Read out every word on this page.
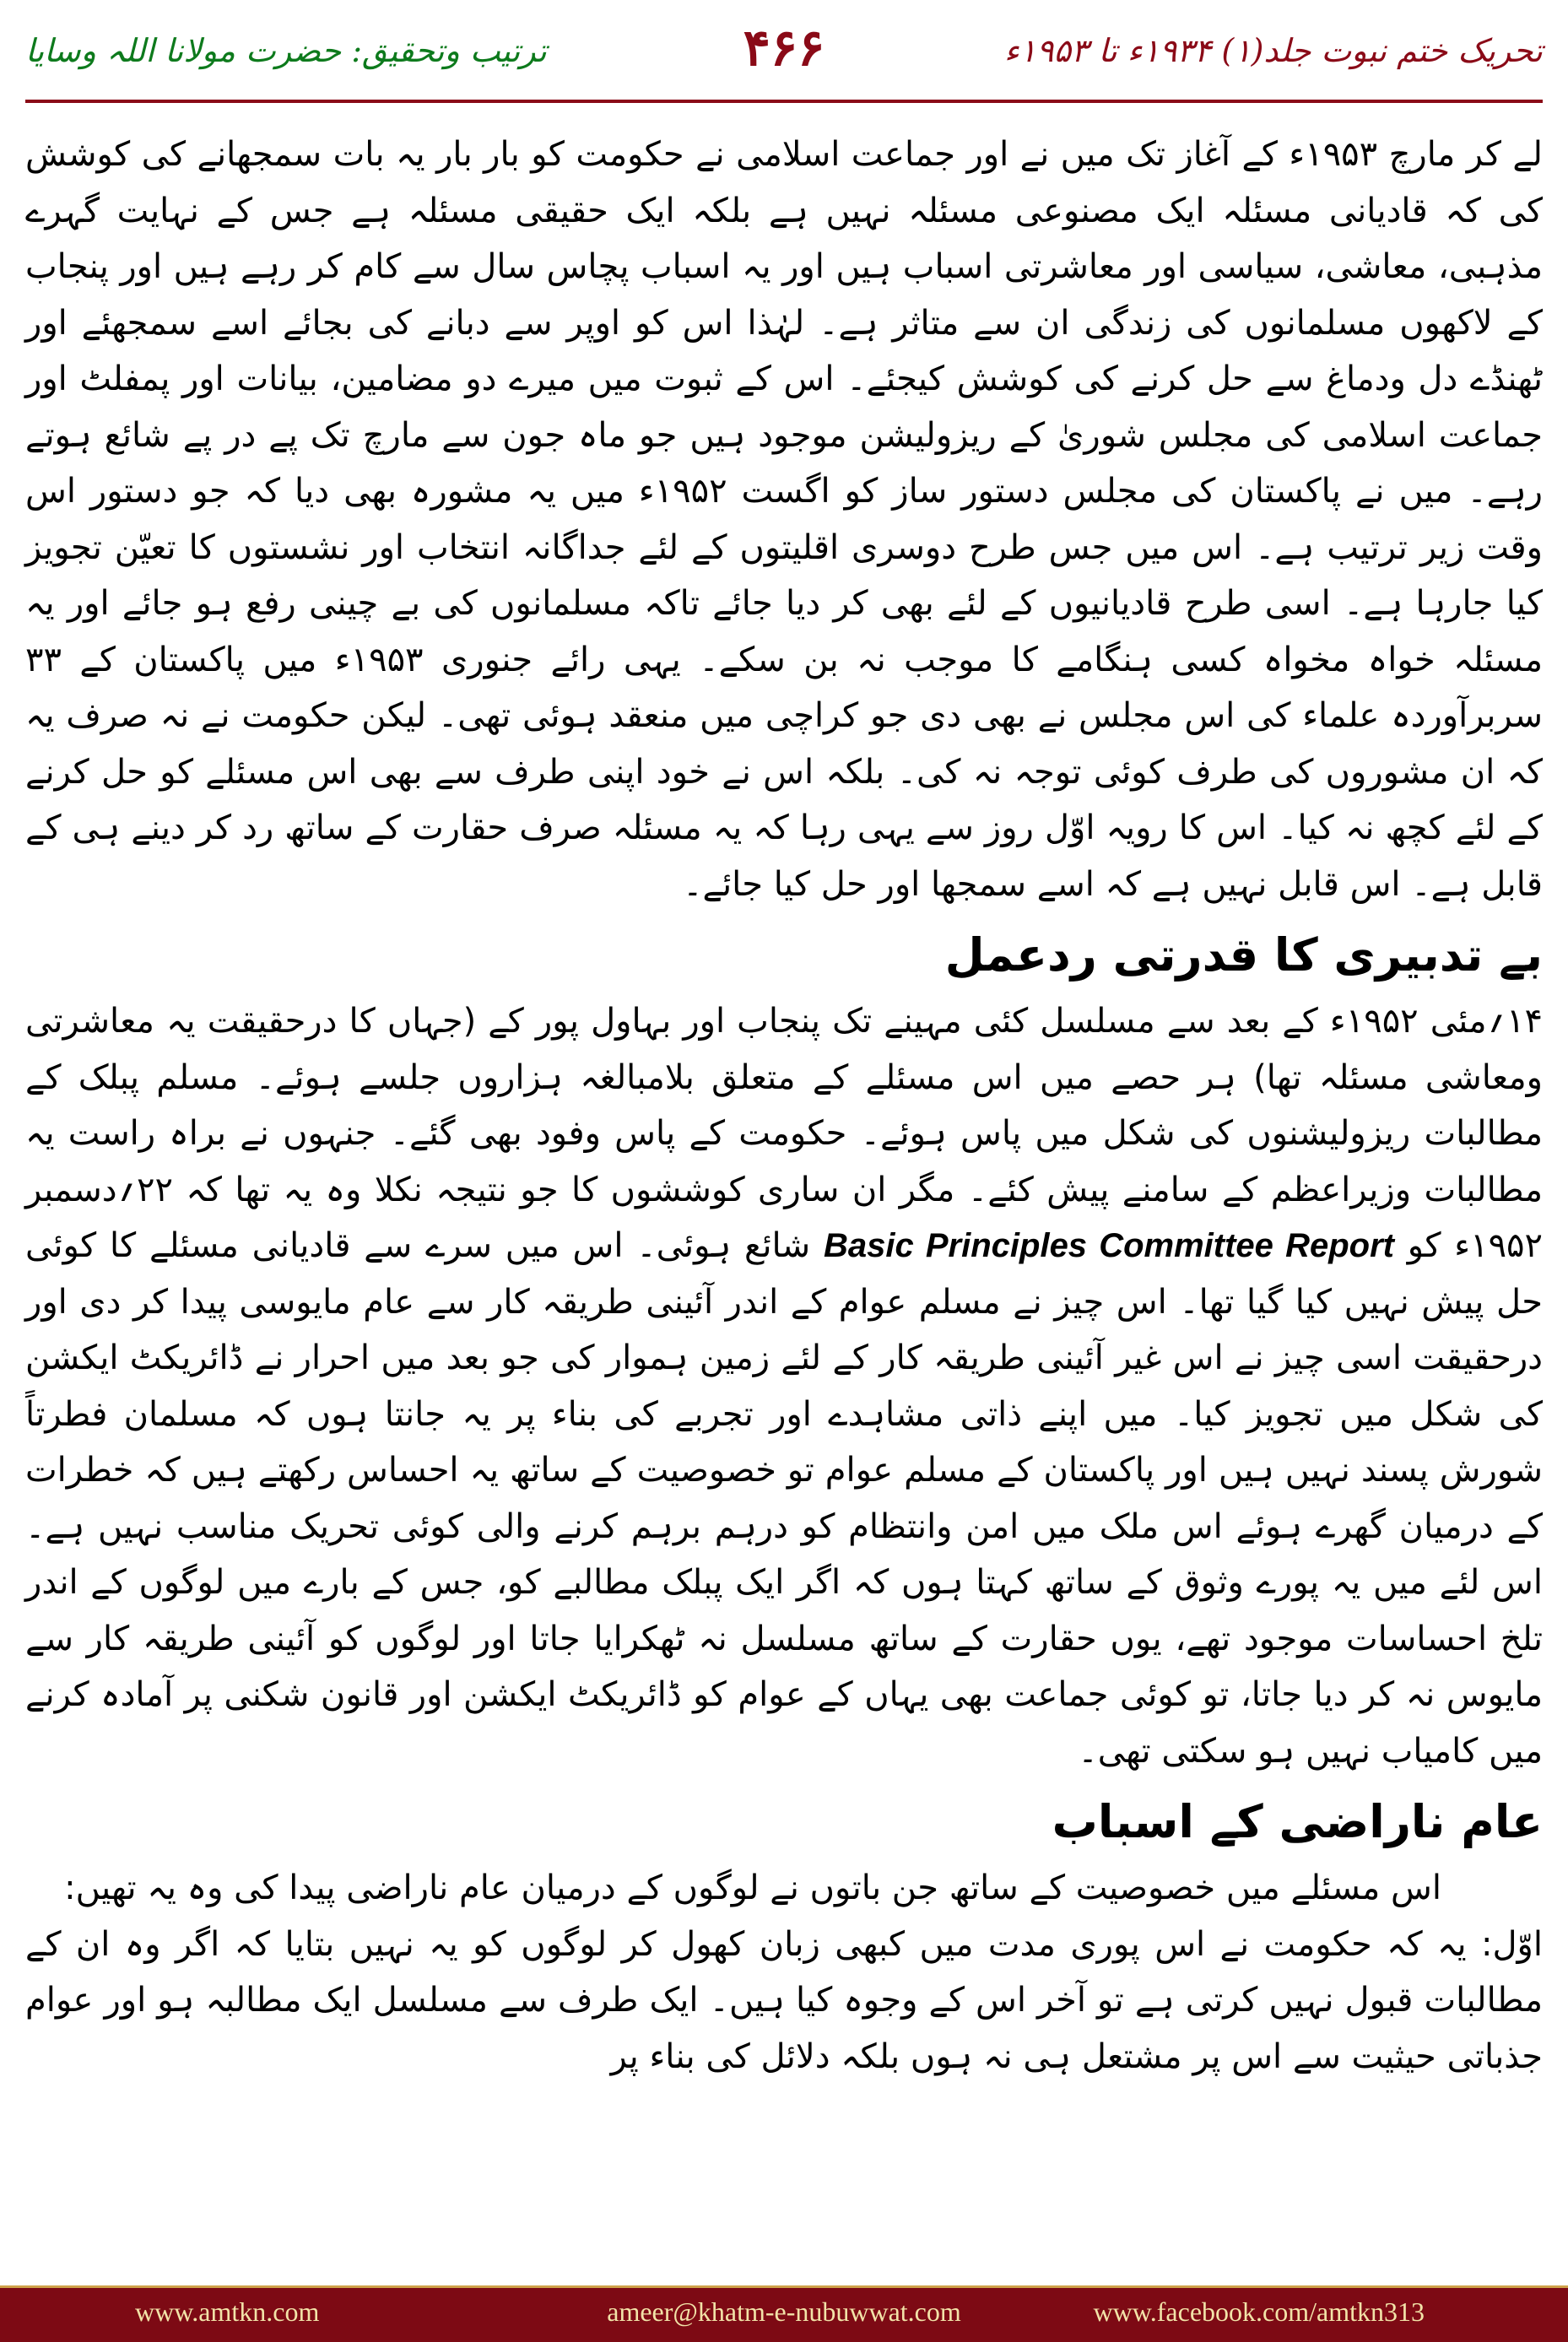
تحریک ختم نبوت جلد(۱) ۱۹۳۴ء تا ۱۹۵۳ء
۴۶۶
ترتیب وتحقیق: حضرت مولانا اللہ وسایا

لے کر مارچ ۱۹۵۳ء کے آغاز تک میں نے اور جماعت اسلامی نے حکومت کو بار بار یہ بات سمجھانے کی کوشش کی کہ قادیانی مسئلہ ایک مصنوعی مسئلہ نہیں ہے بلکہ ایک حقیقی مسئلہ ہے جس کے نہایت گہرے مذہبی، معاشی، سیاسی اور معاشرتی اسباب ہیں اور یہ اسباب پچاس سال سے کام کر رہے ہیں اور پنجاب کے لاکھوں مسلمانوں کی زندگی ان سے متاثر ہے۔ لہٰذا اس کو اوپر سے دبانے کی بجائے اسے سمجھئے اور ٹھنڈے دل ودماغ سے حل کرنے کی کوشش کیجئے۔ اس کے ثبوت میں میرے دو مضامین، بیانات اور پمفلٹ اور جماعت اسلامی کی مجلس شوریٰ کے ریزولیشن موجود ہیں جو ماہ جون سے مارچ تک پے در پے شائع ہوتے رہے۔ میں نے پاکستان کی مجلس دستور ساز کو اگست ۱۹۵۲ء میں یہ مشورہ بھی دیا کہ جو دستور اس وقت زیر ترتیب ہے۔ اس میں جس طرح دوسری اقلیتوں کے لئے جداگانہ انتخاب اور نشستوں کا تعیّن تجویز کیا جارہا ہے۔ اسی طرح قادیانیوں کے لئے بھی کر دیا جائے تاکہ مسلمانوں کی بے چینی رفع ہو جائے اور یہ مسئلہ خواہ مخواہ کسی ہنگامے کا موجب نہ بن سکے۔ یہی رائے جنوری ۱۹۵۳ء میں پاکستان کے ۳۳ سربرآوردہ علماء کی اس مجلس نے بھی دی جو کراچی میں منعقد ہوئی تھی۔ لیکن حکومت نے نہ صرف یہ کہ ان مشوروں کی طرف کوئی توجہ نہ کی۔ بلکہ اس نے خود اپنی طرف سے بھی اس مسئلے کو حل کرنے کے لئے کچھ نہ کیا۔ اس کا رویہ اوّل روز سے یہی رہا کہ یہ مسئلہ صرف حقارت کے ساتھ رد کر دینے ہی کے قابل ہے۔ اس قابل نہیں ہے کہ اسے سمجھا اور حل کیا جائے۔

بے تدبیری کا قدرتی ردعمل

۱۴؍مئی ۱۹۵۲ء کے بعد سے مسلسل کئی مہینے تک پنجاب اور بہاول پور کے (جہاں کا درحقیقت یہ معاشرتی ومعاشی مسئلہ تھا) ہر حصے میں اس مسئلے کے متعلق بلامبالغہ ہزاروں جلسے ہوئے۔ مسلم پبلک کے مطالبات ریزولیشنوں کی شکل میں پاس ہوئے۔ حکومت کے پاس وفود بھی گئے۔ جنہوں نے براہ راست یہ مطالبات وزیراعظم کے سامنے پیش کئے۔ مگر ان ساری کوششوں کا جو نتیجہ نکلا وہ یہ تھا کہ ۲۲؍دسمبر ۱۹۵۲ء کو Basic Principles Committee Report شائع ہوئی۔ اس میں سرے سے قادیانی مسئلے کا کوئی حل پیش نہیں کیا گیا تھا۔ اس چیز نے مسلم عوام کے اندر آئینی طریقہ کار سے عام مایوسی پیدا کر دی اور درحقیقت اسی چیز نے اس غیر آئینی طریقہ کار کے لئے زمین ہموار کی جو بعد میں احرار نے ڈائریکٹ ایکشن کی شکل میں تجویز کیا۔ میں اپنے ذاتی مشاہدے اور تجربے کی بناء پر یہ جانتا ہوں کہ مسلمان فطرتاً شورش پسند نہیں ہیں اور پاکستان کے مسلم عوام تو خصوصیت کے ساتھ یہ احساس رکھتے ہیں کہ خطرات کے درمیان گھرے ہوئے اس ملک میں امن وانتظام کو درہم برہم کرنے والی کوئی تحریک مناسب نہیں ہے۔ اس لئے میں یہ پورے وثوق کے ساتھ کہتا ہوں کہ اگر ایک پبلک مطالبے کو، جس کے بارے میں لوگوں کے اندر تلخ احساسات موجود تھے، یوں حقارت کے ساتھ مسلسل نہ ٹھکرایا جاتا اور لوگوں کو آئینی طریقہ کار سے مایوس نہ کر دیا جاتا، تو کوئی جماعت بھی یہاں کے عوام کو ڈائریکٹ ایکشن اور قانون شکنی پر آمادہ کرنے میں کامیاب نہیں ہو سکتی تھی۔

عام ناراضی کے اسباب

اس مسئلے میں خصوصیت کے ساتھ جن باتوں نے لوگوں کے درمیان عام ناراضی پیدا کی وہ یہ تھیں:

اوّل: یہ کہ حکومت نے اس پوری مدت میں کبھی زبان کھول کر لوگوں کو یہ نہیں بتایا کہ اگر وہ ان کے مطالبات قبول نہیں کرتی ہے تو آخر اس کے وجوہ کیا ہیں۔ ایک طرف سے مسلسل ایک مطالبہ ہو اور عوام جذباتی حیثیت سے اس پر مشتعل ہی نہ ہوں بلکہ دلائل کی بناء پر

www.amtkn.com	ameer@khatm-e-nubuwwat.com	www.facebook.com/amtkn313
